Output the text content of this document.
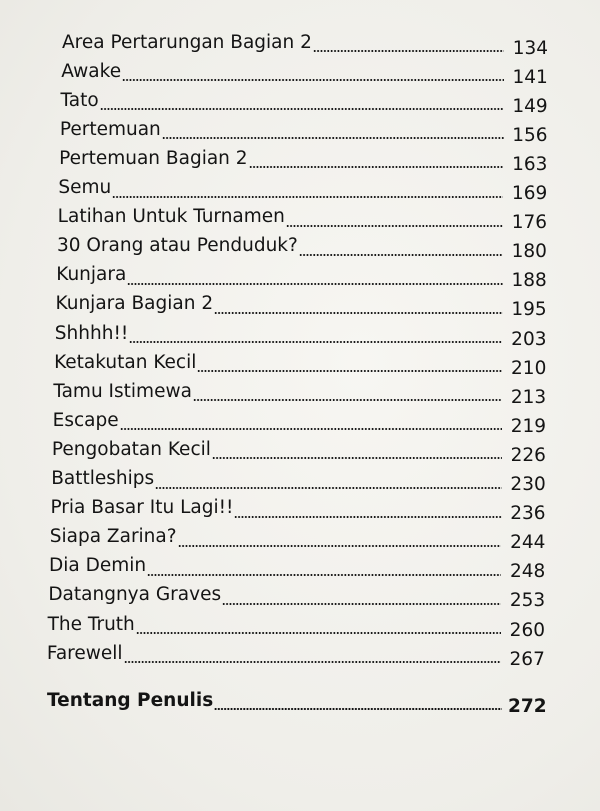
Area Pertarungan Bagian 2	134
Awake	141
Tato	149
Pertemuan	156
Pertemuan Bagian 2	163
Semu	169
Latihan Untuk Turnamen	176
30 Orang atau Penduduk?	180
Kunjara	188
Kunjara Bagian 2	195
Shhhh!!	203
Ketakutan Kecil	210
Tamu Istimewa	213
Escape	219
Pengobatan Kecil	226
Battleships	230
Pria Basar Itu Lagi!!	236
Siapa Zarina?	244
Dia Demin	248
Datangnya Graves	253
The Truth	260
Farewell	267
Tentang Penulis	272
